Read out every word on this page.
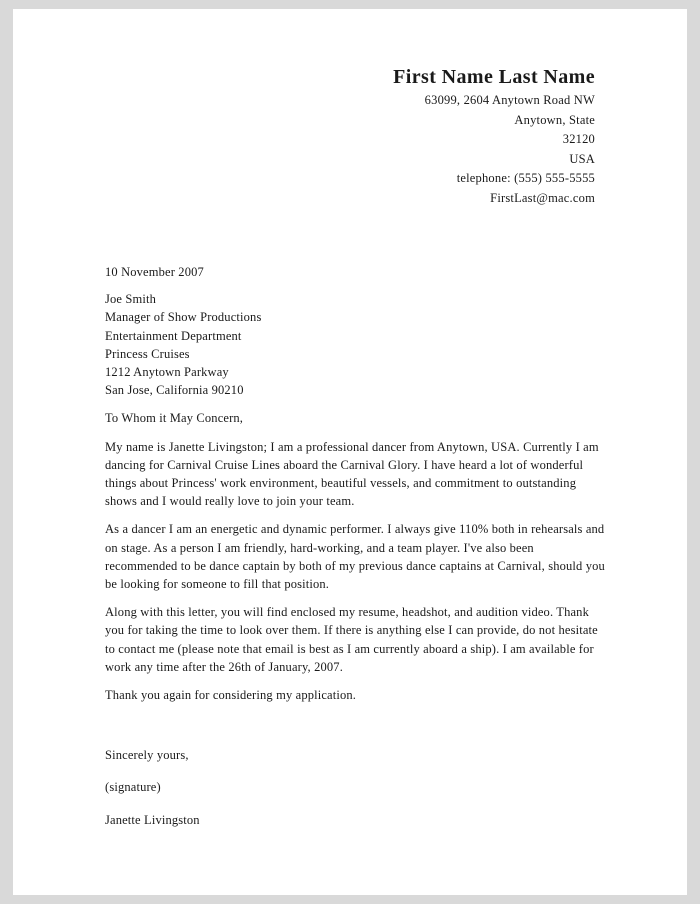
First Name Last Name
63099, 2604 Anytown Road NW
Anytown, State
32120
USA
telephone: (555) 555-5555
FirstLast@mac.com
10 November 2007
Joe Smith
Manager of Show Productions
Entertainment Department
Princess Cruises
1212 Anytown Parkway
San Jose, California 90210
To Whom it May Concern,

My name is Janette Livingston; I am a professional dancer from Anytown, USA. Currently I am dancing for Carnival Cruise Lines aboard the Carnival Glory. I have heard a lot of wonderful things about Princess' work environment, beautiful vessels, and commitment to outstanding shows and I would really love to join your team.

As a dancer I am an energetic and dynamic performer. I always give 110% both in rehearsals and on stage. As a person I am friendly, hard-working, and a team player. I've also been recommended to be dance captain by both of my previous dance captains at Carnival, should you be looking for someone to fill that position.

Along with this letter, you will find enclosed my resume, headshot, and audition video. Thank you for taking the time to look over them. If there is anything else I can provide, do not hesitate to contact me (please note that email is best as I am currently aboard a ship). I am available for work any time after the 26th of January, 2007.

Thank you again for considering my application.

Sincerely yours,
(signature)
Janette Livingston
